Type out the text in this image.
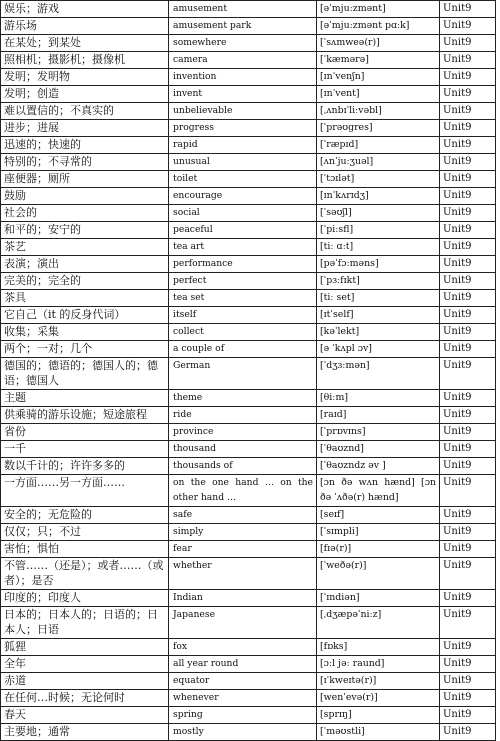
娱乐；游戏	amusement	[əˈmjuːzmənt]	Unit9
游乐场	amusement park	[əˈmjuːzmənt pɑːk]	Unit9
在某处；到某处	somewhere	[ˈsʌmweə(r)]	Unit9
照相机；摄影机；摄像机	camera	[ˈkæmərə]	Unit9
发明；发明物	invention	[ɪnˈvenʃn]	Unit9
发明；创造	invent	[ɪnˈvent]	Unit9
难以置信的；不真实的	unbelievable	[ˌʌnbɪˈliːvəbl]	Unit9
进步；进展	progress	[ˈprəʊgres]	Unit9
迅速的；快速的	rapid	[ˈræpɪd]	Unit9
特别的；不寻常的	unusual	[ʌnˈjuːʒuəl]	Unit9
座便器；厕所	toilet	[ˈtɔɪlət]	Unit9
鼓励	encourage	[ɪnˈkʌrɪdʒ]	Unit9
社会的	social	[ˈsəʊʃl]	Unit9
和平的；安宁的	peaceful	[ˈpiːsfl]	Unit9
茶艺	tea art	[tiː ɑːt]	Unit9
表演；演出	performance	[pəˈfɔːməns]	Unit9
完美的；完全的	perfect	[ˈpɜːfɪkt]	Unit9
茶具	tea set	[tiː set]	Unit9
它自己（it 的反身代词）	itself	[ɪtˈself]	Unit9
收集；采集	collect	[kəˈlekt]	Unit9
两个；一对；几个	a couple of	[ə ˈkʌpl ɔv]	Unit9
德国的；德语的；德国人的；德语；德国人	German	[ˈdʒɜːmən]	Unit9
主题	theme	[θiːm]	Unit9
供乘骑的游乐设施；短途旅程	ride	[raɪd]	Unit9
省份	province	[ˈprɒvɪns]	Unit9
一千	thousand	[ˈθaʊznd]	Unit9
数以千计的；许许多多的	thousands of	[ˈθaʊzndz əv ]	Unit9
一方面……另一方面……	on the one hand … on the other hand …	[ɔn ðə wʌn hænd] [ɔn ðə ˈʌðə(r) hænd]	Unit9
安全的；无危险的	safe	[seɪf]	Unit9
仅仅；只；不过	simply	[ˈsɪmpli]	Unit9
害怕；惧怕	fear	[fɪə(r)]	Unit9
不管……（还是）；或者……（或者）；是否	whether	[ˈweðə(r)]	Unit9
印度的；印度人	Indian	[ˈɪndiən]	Unit9
日本的；日本人的；日语的；日本人；日语	Japanese	[ˌdʒæpəˈniːz]	Unit9
狐狸	fox	[fɒks]	Unit9
全年	all year round	[ɔːl jəː raund]	Unit9
赤道	equator	[ɪˈkweɪtə(r)]	Unit9
在任何…时候；无论何时	whenever	[wenˈevə(r)]	Unit9
春天	spring	[sprɪŋ]	Unit9
主要地；通常	mostly	[ˈməʊstli]	Unit9
